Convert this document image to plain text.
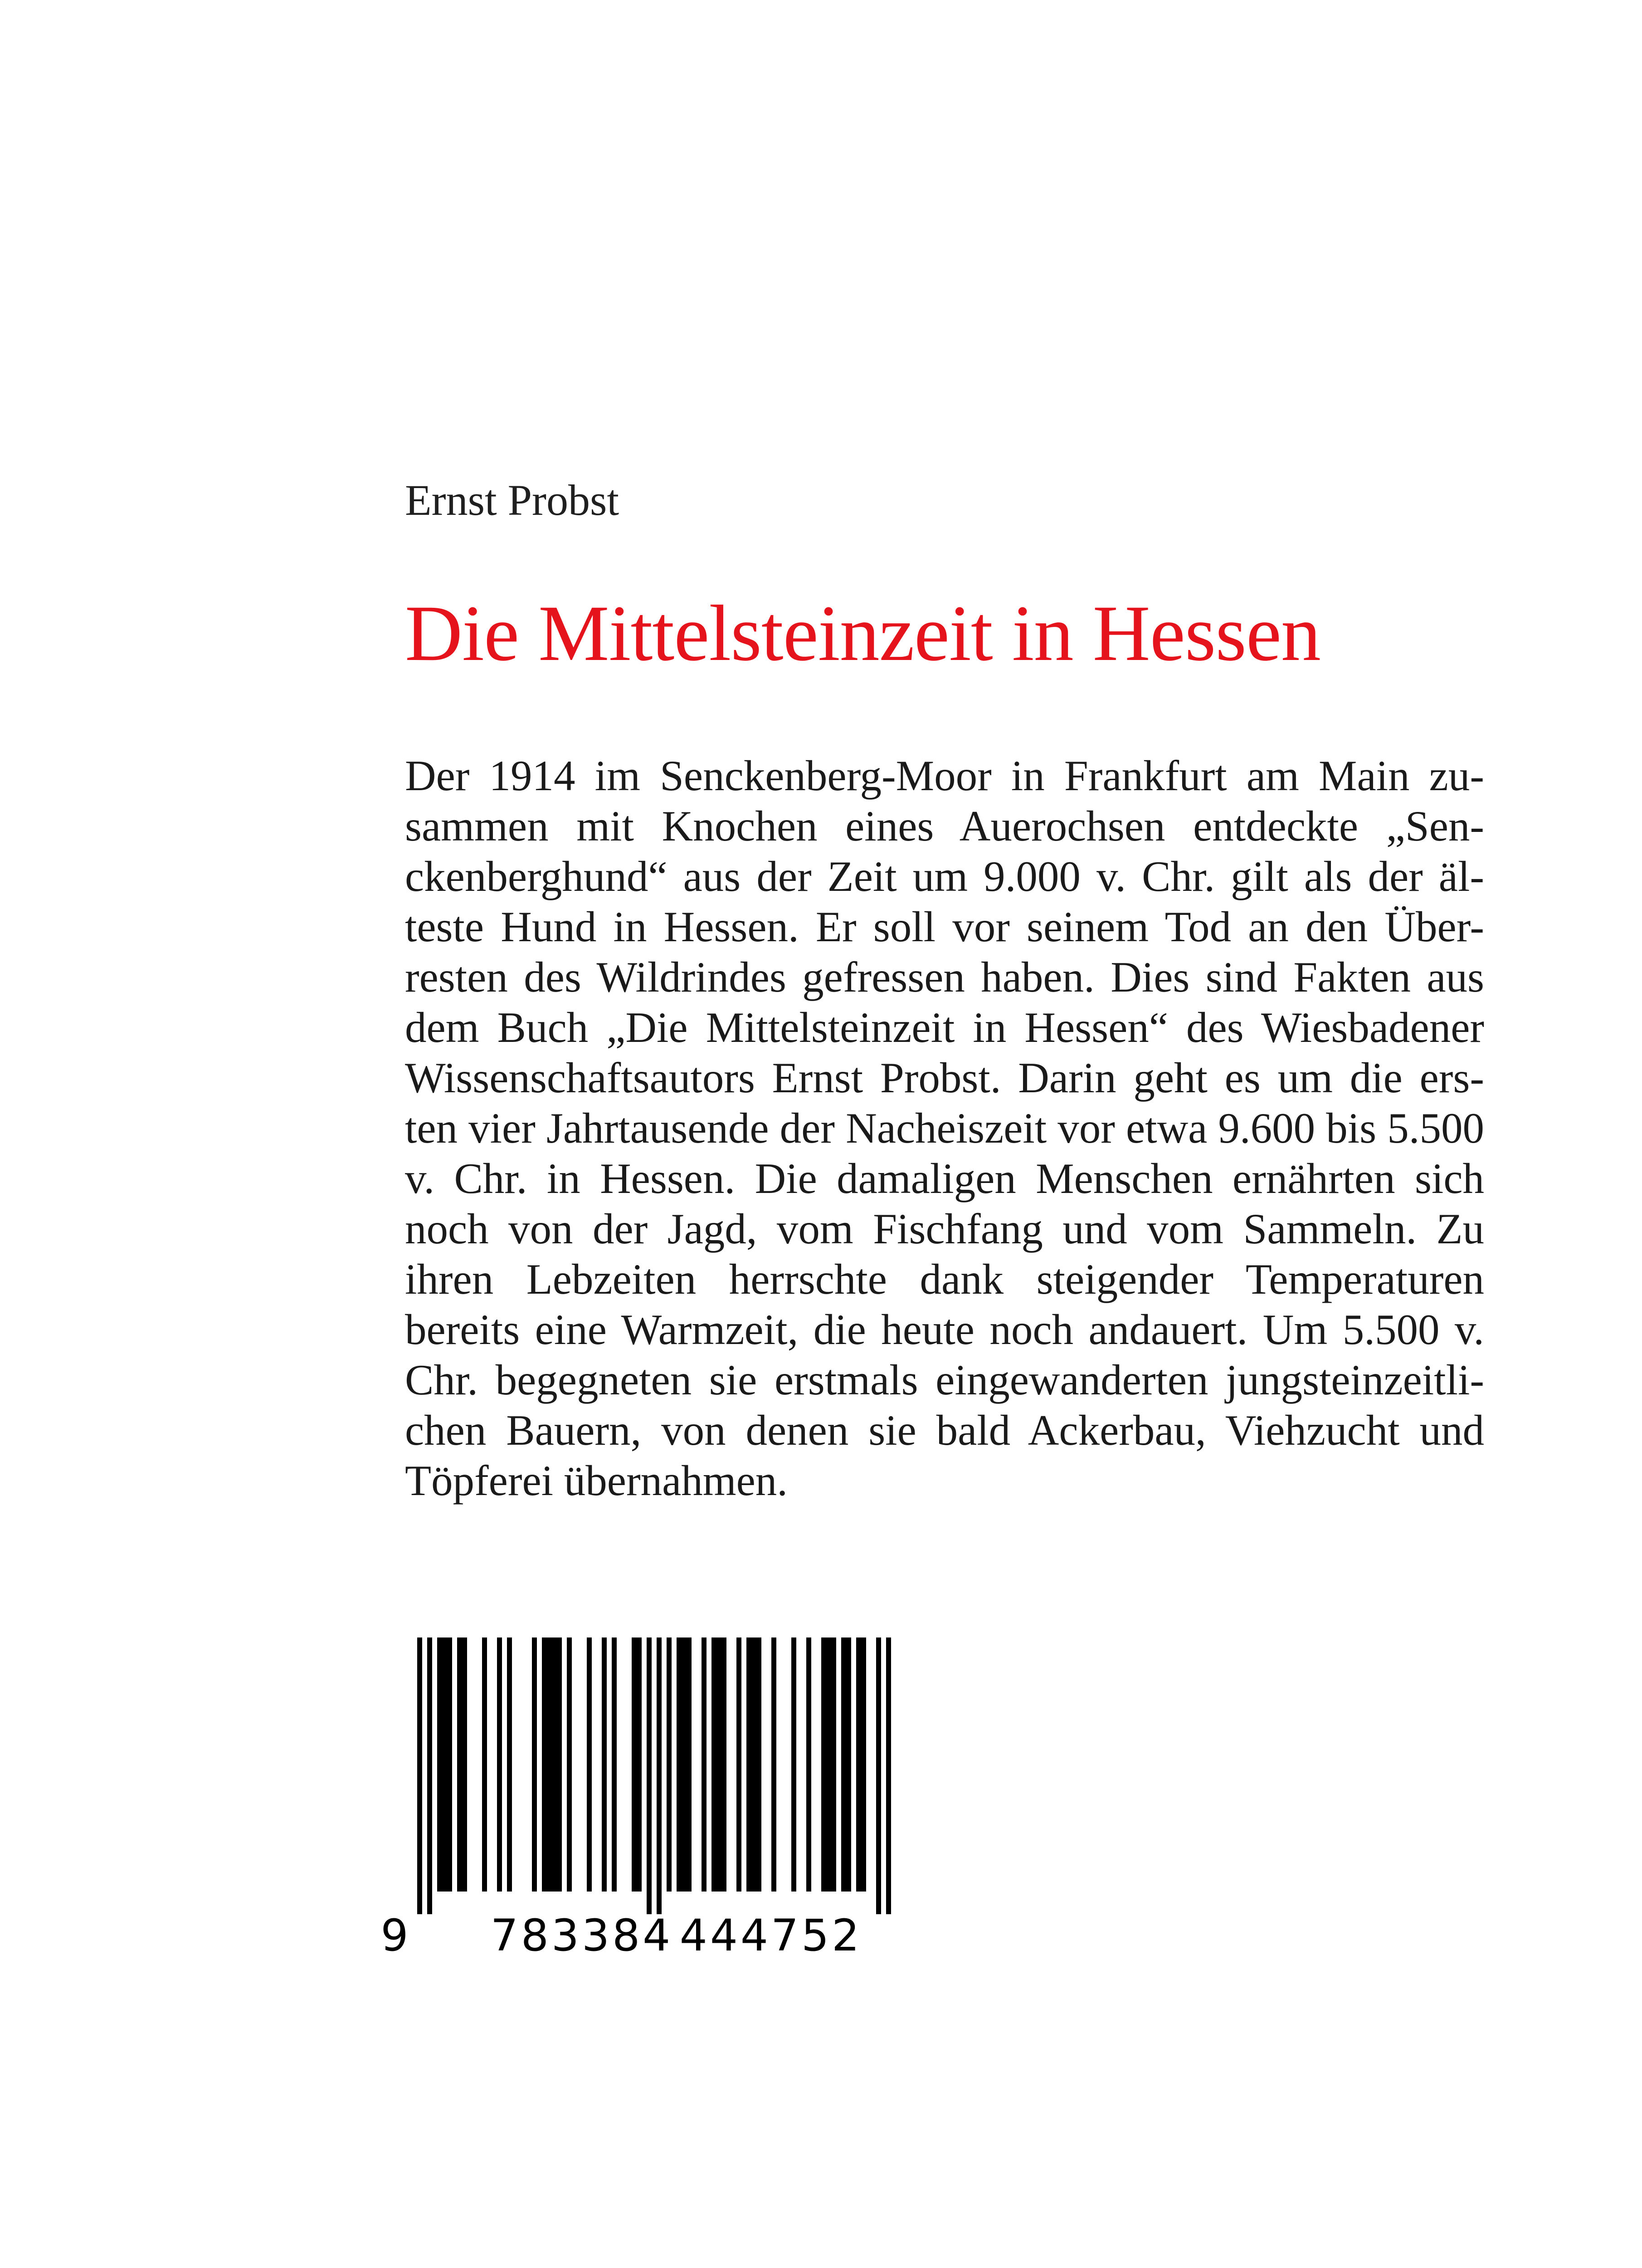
Ernst Probst
Die Mittelsteinzeit in Hessen
Der 1914 im Senckenberg-Moor in Frankfurt am Main zu-
sammen mit Knochen eines Auerochsen entdeckte „Sen-
ckenberghund“ aus der Zeit um 9.000 v. Chr. gilt als der äl-
teste Hund in Hessen. Er soll vor seinem Tod an den Über-
resten des Wildrindes gefressen haben. Dies sind Fakten aus
dem Buch „Die Mittelsteinzeit in Hessen“ des Wiesbadener
Wissenschaftsautors Ernst Probst. Darin geht es um die ers-
ten vier Jahrtausende der Nacheiszeit vor etwa 9.600 bis 5.500
v. Chr. in Hessen. Die damaligen Menschen ernährten sich
noch von der Jagd, vom Fischfang und vom Sammeln. Zu
ihren Lebzeiten herrschte dank steigender Temperaturen
bereits eine Warmzeit, die heute noch andauert. Um 5.500 v.
Chr. begegneten sie erstmals eingewanderten jungsteinzeitli-
chen Bauern, von denen sie bald Ackerbau, Viehzucht und
Töpferei übernahmen.
9 783384 444752
